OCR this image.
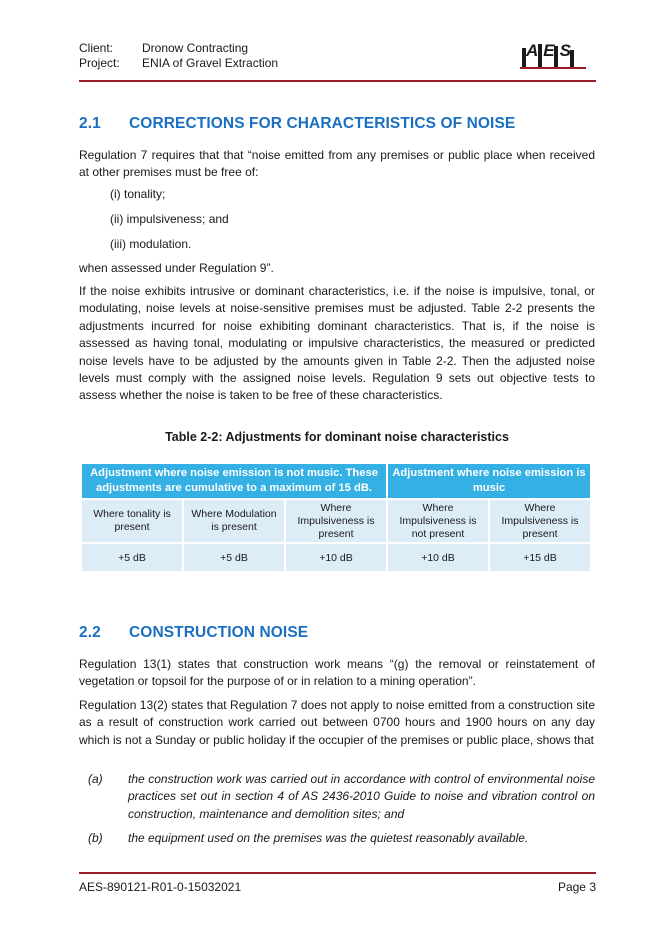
Client:	Dronow Contracting
Project:	ENIA of Gravel Extraction
AES
2.1 CORRECTIONS FOR CHARACTERISTICS OF NOISE

Regulation 7 requires that that “noise emitted from any premises or public place when received at other premises must be free of:

(i) tonality;
(ii) impulsiveness; and
(iii) modulation.

when assessed under Regulation 9”.

If the noise exhibits intrusive or dominant characteristics, i.e. if the noise is impulsive, tonal, or modulating, noise levels at noise-sensitive premises must be adjusted. Table 2-2 presents the adjustments incurred for noise exhibiting dominant characteristics. That is, if the noise is assessed as having tonal, modulating or impulsive characteristics, the measured or predicted noise levels have to be adjusted by the amounts given in Table 2-2. Then the adjusted noise levels must comply with the assigned noise levels. Regulation 9 sets out objective tests to assess whether the noise is taken to be free of these characteristics.

Table 2-2: Adjustments for dominant noise characteristics
Adjustment where noise emission is not music. These adjustments are cumulative to a maximum of 15 dB.			Adjustment where noise emission is music	
Where tonality is present	Where Modulation is present	Where Impulsiveness is present	Where Impulsiveness is not present	Where Impulsiveness is present
+5 dB	+5 dB	+10 dB	+10 dB	+15 dB
2.2 CONSTRUCTION NOISE

Regulation 13(1) states that construction work means “(g) the removal or reinstatement of vegetation or topsoil for the purpose of or in relation to a mining operation”.

Regulation 13(2) states that Regulation 7 does not apply to noise emitted from a construction site as a result of construction work carried out between 0700 hours and 1900 hours on any day which is not a Sunday or public holiday if the occupier of the premises or public place, shows that

(a) the construction work was carried out in accordance with control of environmental noise practices set out in section 4 of AS 2436-2010 Guide to noise and vibration control on construction, maintenance and demolition sites; and
(b) the equipment used on the premises was the quietest reasonably available.
AES-890121-R01-0-15032021	Page 3
